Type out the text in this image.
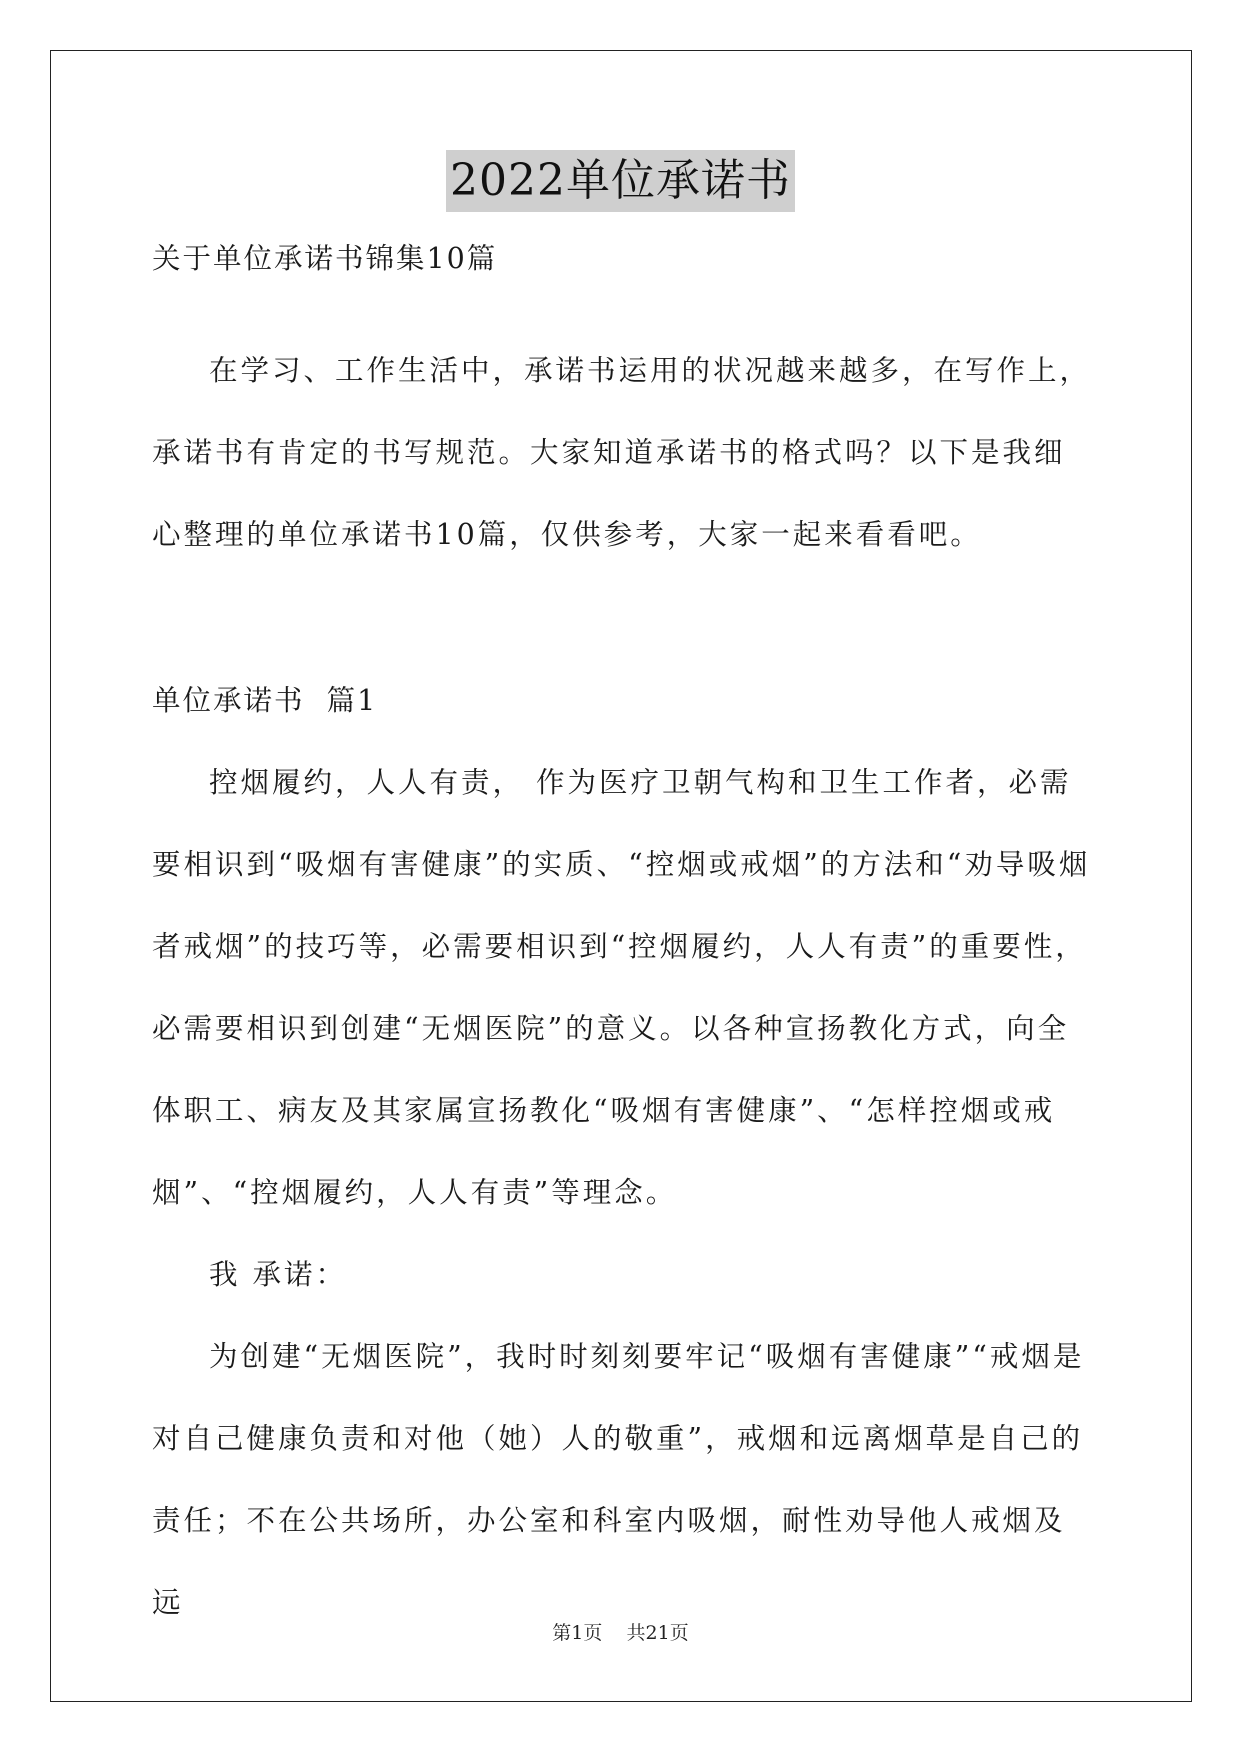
2022单位承诺书
关于单位承诺书锦集10篇

在学习、工作生活中，承诺书运用的状况越来越多，在写作上，承诺书有肯定的书写规范。大家知道承诺书的格式吗？以下是我细心整理的单位承诺书10篇，仅供参考，大家一起来看看吧。

单位承诺书  篇1

控烟履约，人人有责， 作为医疗卫朝气构和卫生工作者，必需要相识到“吸烟有害健康”的实质、“控烟或戒烟”的方法和“劝导吸烟者戒烟”的技巧等，必需要相识到“控烟履约，人人有责”的重要性，必需要相识到创建“无烟医院”的意义。以各种宣扬教化方式，向全体职工、病友及其家属宣扬教化“吸烟有害健康”、“怎样控烟或戒烟”、“控烟履约，人人有责”等理念。

我 承诺：

为创建“无烟医院”，我时时刻刻要牢记“吸烟有害健康”“戒烟是对自己健康负责和对他（她）人的敬重”，戒烟和远离烟草是自己的责任；不在公共场所，办公室和科室内吸烟，耐性劝导他人戒烟及远

第1页    共21页
